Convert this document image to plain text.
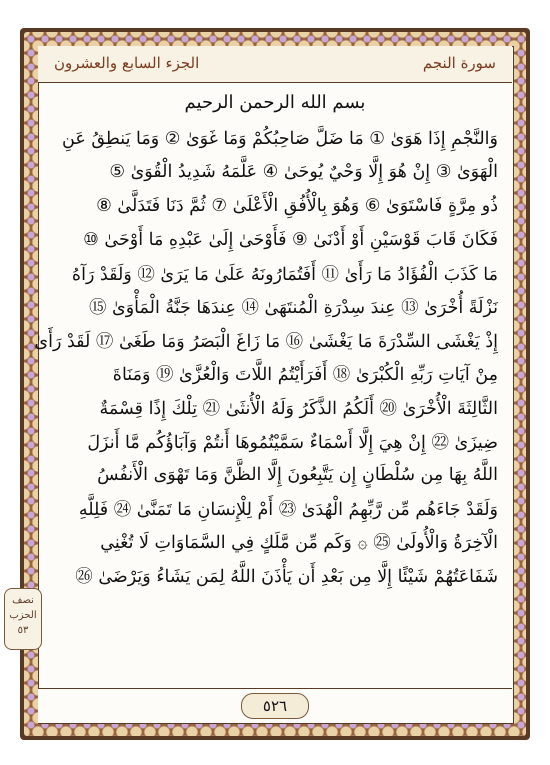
الجزء السابع والعشرون	سورة النجم
بسم الله الرحمن الرحيم
وَالنَّجْمِ إِذَا هَوَىٰ ① مَا ضَلَّ صَاحِبُكُمْ وَمَا غَوَىٰ ② وَمَا يَنطِقُ عَنِ
الْهَوَىٰ ③ إِنْ هُوَ إِلَّا وَحْيٌ يُوحَىٰ ④ عَلَّمَهُ شَدِيدُ الْقُوَىٰ ⑤
ذُو مِرَّةٍ فَاسْتَوَىٰ ⑥ وَهُوَ بِالْأُفُقِ الْأَعْلَىٰ ⑦ ثُمَّ دَنَا فَتَدَلَّىٰ ⑧
فَكَانَ قَابَ قَوْسَيْنِ أَوْ أَدْنَىٰ ⑨ فَأَوْحَىٰ إِلَىٰ عَبْدِهِ مَا أَوْحَىٰ ⑩
مَا كَذَبَ الْفُؤَادُ مَا رَأَىٰ ⑪ أَفَتُمَارُونَهُ عَلَىٰ مَا يَرَىٰ ⑫ وَلَقَدْ رَآهُ
نَزْلَةً أُخْرَىٰ ⑬ عِندَ سِدْرَةِ الْمُنتَهَىٰ ⑭ عِندَهَا جَنَّةُ الْمَأْوَىٰ ⑮
إِذْ يَغْشَى السِّدْرَةَ مَا يَغْشَىٰ ⑯ مَا زَاغَ الْبَصَرُ وَمَا طَغَىٰ ⑰ لَقَدْ رَأَىٰ
مِنْ آيَاتِ رَبِّهِ الْكُبْرَىٰ ⑱ أَفَرَأَيْتُمُ اللَّاتَ وَالْعُزَّىٰ ⑲ وَمَنَاةَ
الثَّالِثَةَ الْأُخْرَىٰ ⑳ أَلَكُمُ الذَّكَرُ وَلَهُ الْأُنثَىٰ ㉑ تِلْكَ إِذًا قِسْمَةٌ
ضِيزَىٰ ㉒ إِنْ هِيَ إِلَّا أَسْمَاءٌ سَمَّيْتُمُوهَا أَنتُمْ وَآبَاؤُكُم مَّا أَنزَلَ
اللَّهُ بِهَا مِن سُلْطَانٍ إِن يَتَّبِعُونَ إِلَّا الظَّنَّ وَمَا تَهْوَى الْأَنفُسُ
وَلَقَدْ جَاءَهُم مِّن رَّبِّهِمُ الْهُدَىٰ ㉓ أَمْ لِلْإِنسَانِ مَا تَمَنَّىٰ ㉔ فَلِلَّهِ
الْآخِرَةُ وَالْأُولَىٰ ㉕ ۞ وَكَم مِّن مَّلَكٍ فِي السَّمَاوَاتِ لَا تُغْنِي
شَفَاعَتُهُمْ شَيْئًا إِلَّا مِن بَعْدِ أَن يَأْذَنَ اللَّهُ لِمَن يَشَاءُ وَيَرْضَىٰ ㉖
نصف
الحزب
٥٣
٥٢٦
